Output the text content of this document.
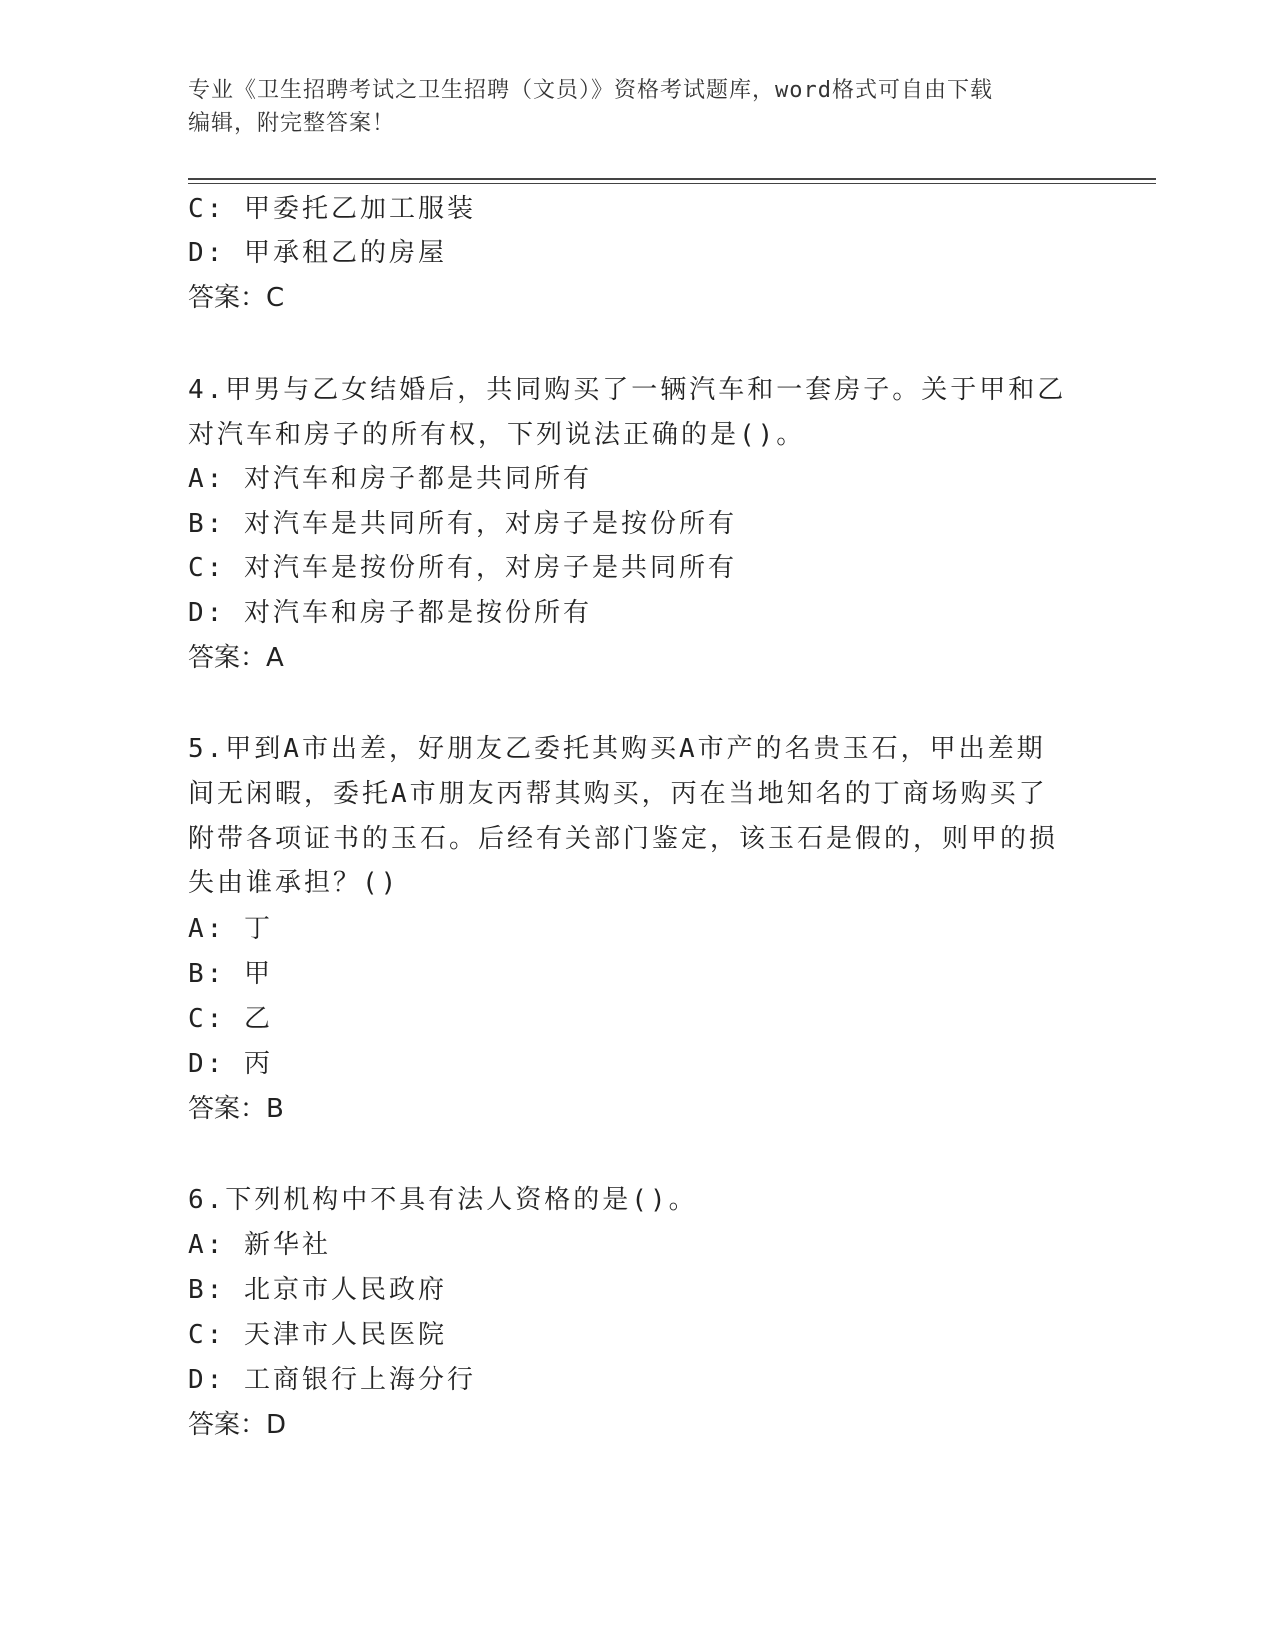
专业《卫生招聘考试之卫生招聘（文员）》资格考试题库，word格式可自由下载
编辑，附完整答案！
C: 甲委托乙加工服装
D: 甲承租乙的房屋
答案：C
4.甲男与乙女结婚后，共同购买了一辆汽车和一套房子。关于甲和乙
对汽车和房子的所有权，下列说法正确的是()。
A: 对汽车和房子都是共同所有
B: 对汽车是共同所有，对房子是按份所有
C: 对汽车是按份所有，对房子是共同所有
D: 对汽车和房子都是按份所有
答案：A
5.甲到A市出差，好朋友乙委托其购买A市产的名贵玉石，甲出差期
间无闲暇，委托A市朋友丙帮其购买，丙在当地知名的丁商场购买了
附带各项证书的玉石。后经有关部门鉴定，该玉石是假的，则甲的损
失由谁承担？()
A: 丁
B: 甲
C: 乙
D: 丙
答案：B
6.下列机构中不具有法人资格的是()。
A: 新华社
B: 北京市人民政府
C: 天津市人民医院
D: 工商银行上海分行
答案：D
